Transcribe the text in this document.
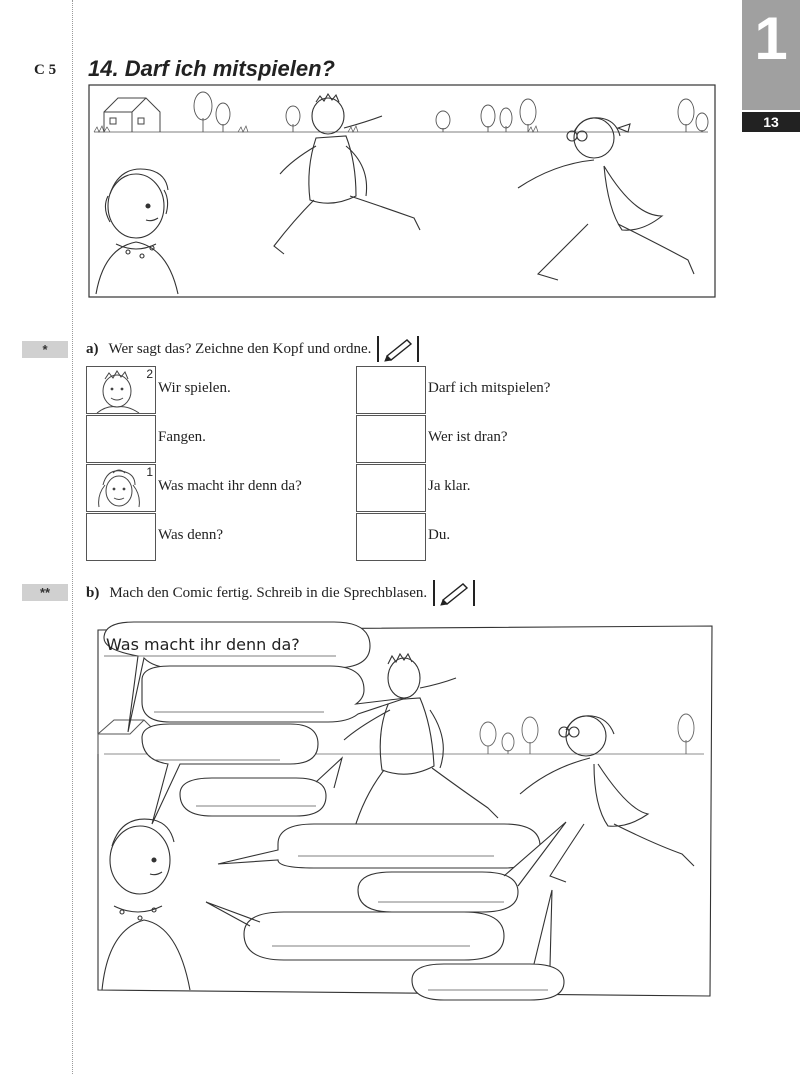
C 5 14. Darf ich mitspielen?	1
13
*	a) Wer sagt das? Zeichne den Kopf und ordne.
2
Wir spielen.	Darf ich mitspielen?
Fangen.	Wer ist dran?
1
Was macht ihr denn da?	Ja klar.
Was denn?	Du.
**	b) Mach den Comic fertig. Schreib in die Sprechblasen.
Was macht ihr denn da?
